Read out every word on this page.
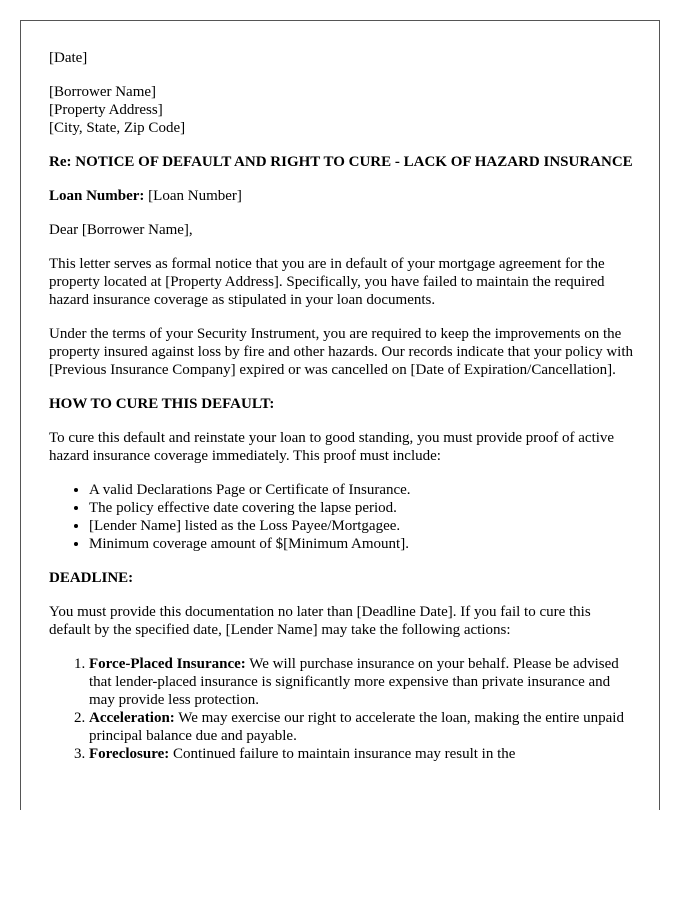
[Date]

[Borrower Name]
[Property Address]
[City, State, Zip Code]

Re: NOTICE OF DEFAULT AND RIGHT TO CURE - LACK OF HAZARD INSURANCE

Loan Number: [Loan Number]

Dear [Borrower Name],

This letter serves as formal notice that you are in default of your mortgage agreement for the property located at [Property Address]. Specifically, you have failed to maintain the required hazard insurance coverage as stipulated in your loan documents.

Under the terms of your Security Instrument, you are required to keep the improvements on the property insured against loss by fire and other hazards. Our records indicate that your policy with [Previous Insurance Company] expired or was cancelled on [Date of Expiration/Cancellation].

HOW TO CURE THIS DEFAULT:

To cure this default and reinstate your loan to good standing, you must provide proof of active hazard insurance coverage immediately. This proof must include:

• A valid Declarations Page or Certificate of Insurance.
• The policy effective date covering the lapse period.
• [Lender Name] listed as the Loss Payee/Mortgagee.
• Minimum coverage amount of $[Minimum Amount].

DEADLINE:

You must provide this documentation no later than [Deadline Date]. If you fail to cure this default by the specified date, [Lender Name] may take the following actions:

1. Force-Placed Insurance: We will purchase insurance on your behalf. Please be advised that lender-placed insurance is significantly more expensive than private insurance and may provide less protection.
2. Acceleration: We may exercise our right to accelerate the loan, making the entire unpaid principal balance due and payable.
3. Foreclosure: Continued failure to maintain insurance may result in the
